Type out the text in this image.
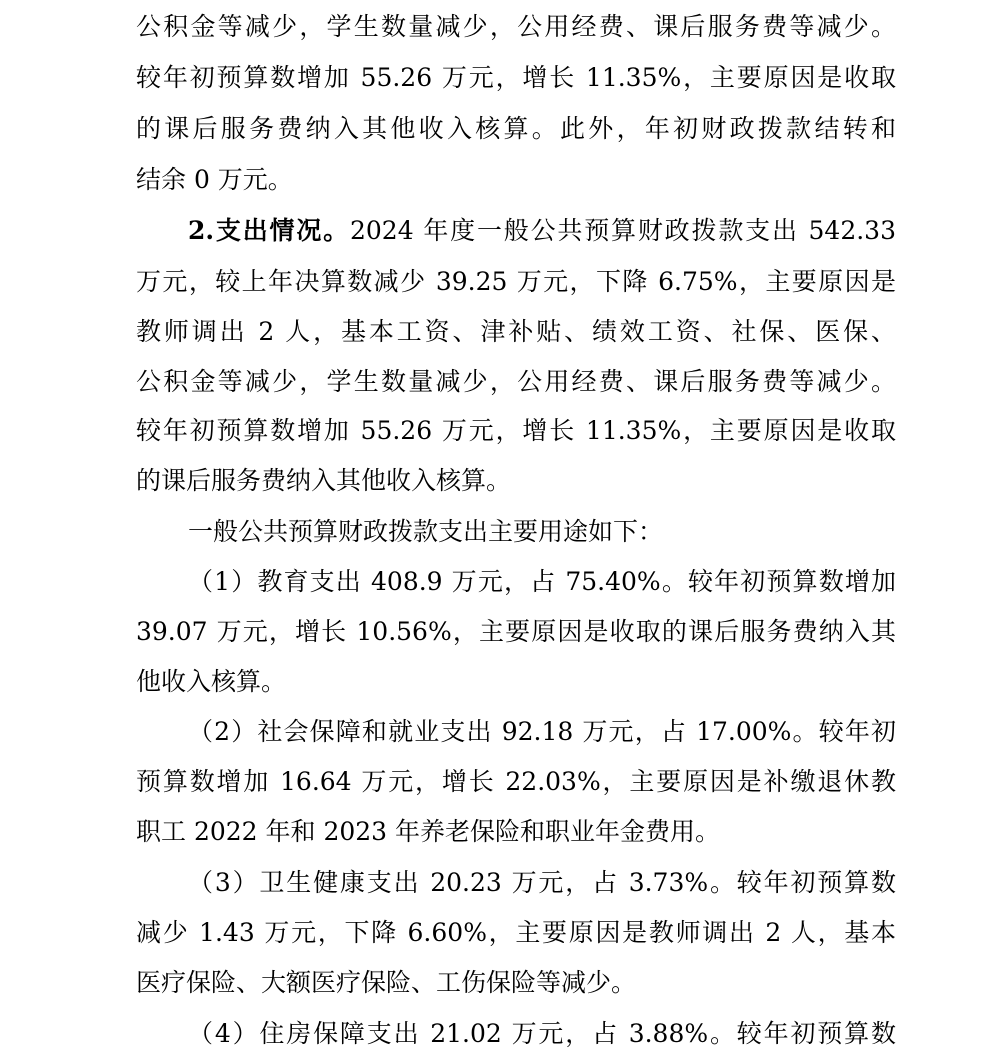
公积金等减少，学生数量减少，公用经费、课后服务费等减少。
较年初预算数增加 55.26 万元，增长 11.35%，主要原因是收取
的课后服务费纳入其他收入核算。此外，年初财政拨款结转和
结余 0 万元。
2.支出情况。2024 年度一般公共预算财政拨款支出 542.33
万元，较上年决算数减少 39.25 万元，下降 6.75%，主要原因是
教师调出 2 人，基本工资、津补贴、绩效工资、社保、医保、
公积金等减少，学生数量减少，公用经费、课后服务费等减少。
较年初预算数增加 55.26 万元，增长 11.35%，主要原因是收取
的课后服务费纳入其他收入核算。
一般公共预算财政拨款支出主要用途如下：
（1）教育支出 408.9 万元，占 75.40%。较年初预算数增加
39.07 万元，增长 10.56%，主要原因是收取的课后服务费纳入其
他收入核算。
（2）社会保障和就业支出 92.18 万元，占 17.00%。较年初
预算数增加 16.64 万元，增长 22.03%，主要原因是补缴退休教
职工 2022 年和 2023 年养老保险和职业年金费用。
（3）卫生健康支出 20.23 万元，占 3.73%。较年初预算数
减少 1.43 万元，下降 6.60%，主要原因是教师调出 2 人，基本
医疗保险、大额医疗保险、工伤保险等减少。
（4）住房保障支出 21.02 万元，占 3.88%。较年初预算数
